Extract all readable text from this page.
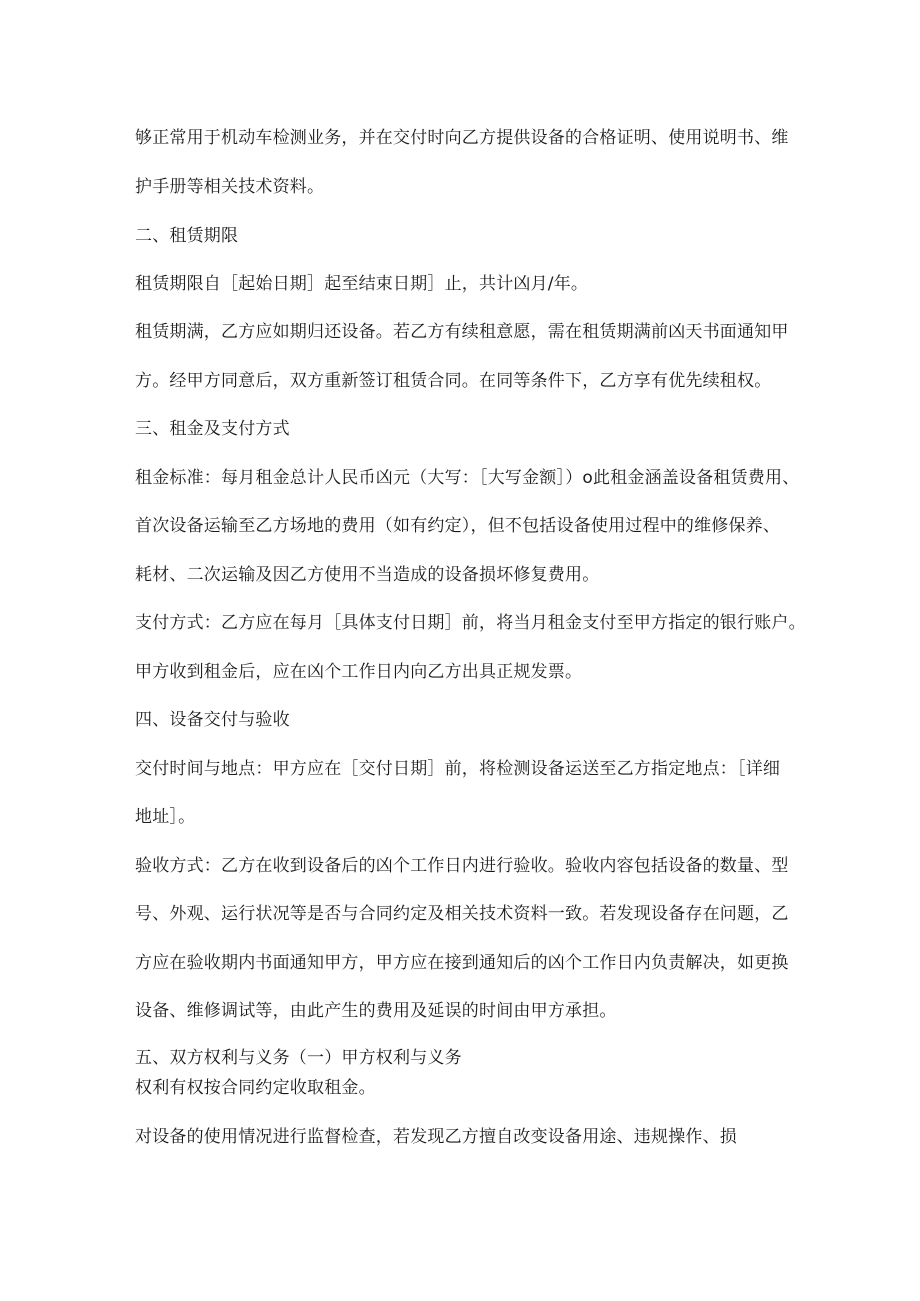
够正常用于机动车检测业务，并在交付时向乙方提供设备的合格证明、使用说明书、维
护手册等相关技术资料。
二、租赁期限
租赁期限自［起始日期］起至结束日期］止，共计凶月/年。
租赁期满，乙方应如期归还设备。若乙方有续租意愿，需在租赁期满前凶天书面通知甲
方。经甲方同意后，双方重新签订租赁合同。在同等条件下，乙方享有优先续租权。
三、租金及支付方式
租金标准：每月租金总计人民币凶元（大写：［大写金额］）o此租金涵盖设备租赁费用、
首次设备运输至乙方场地的费用（如有约定），但不包括设备使用过程中的维修保养、
耗材、二次运输及因乙方使用不当造成的设备损坏修复费用。
支付方式：乙方应在每月［具体支付日期］前，将当月租金支付至甲方指定的银行账户。
甲方收到租金后，应在凶个工作日内向乙方出具正规发票。
四、设备交付与验收
交付时间与地点：甲方应在［交付日期］前，将检测设备运送至乙方指定地点：［详细
地址］。
验收方式：乙方在收到设备后的凶个工作日内进行验收。验收内容包括设备的数量、型
号、外观、运行状况等是否与合同约定及相关技术资料一致。若发现设备存在问题，乙
方应在验收期内书面通知甲方，甲方应在接到通知后的凶个工作日内负责解决，如更换
设备、维修调试等，由此产生的费用及延误的时间由甲方承担。
五、双方权利与义务（一）甲方权利与义务
权利有权按合同约定收取租金。
对设备的使用情况进行监督检查，若发现乙方擅自改变设备用途、违规操作、损
